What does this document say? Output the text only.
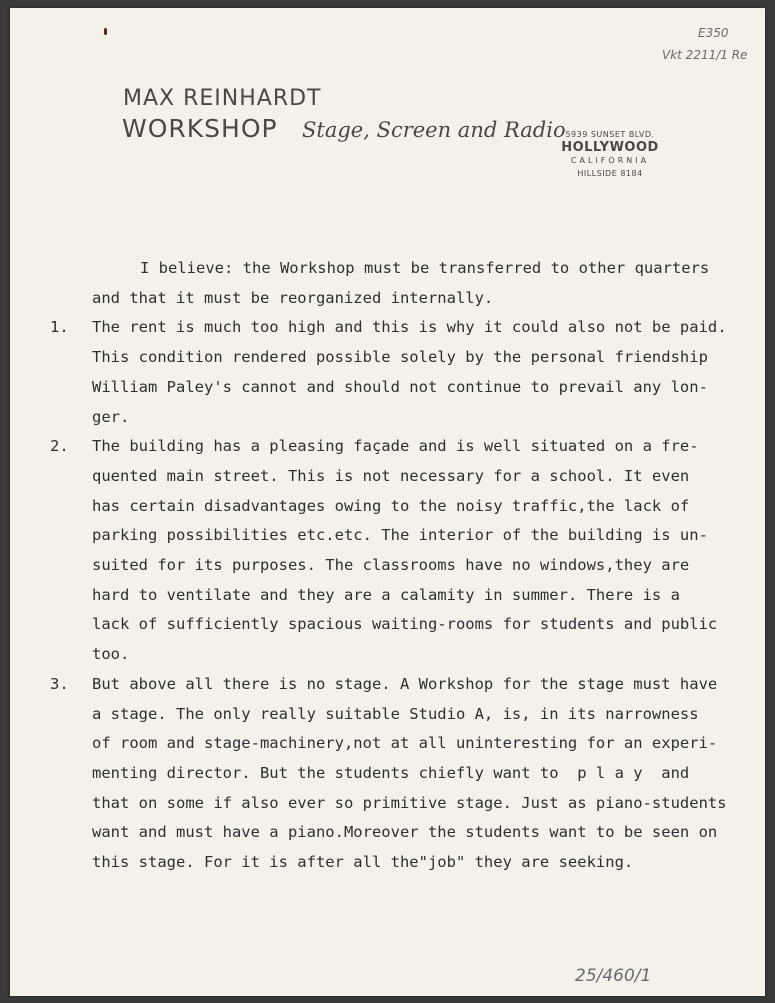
E350
Vkt 2211/1 Re
MAX REINHARDT
WORKSHOP Stage, Screen and Radio 5939 SUNSET BLVD.
HOLLYWOOD
CALIFORNIA
HILLSIDE 8184
I believe: the Workshop must be transferred to other quarters
and that it must be reorganized internally.
1. The rent is much too high and this is why it could also not be paid.
This condition rendered possible solely by the personal friendship
William Paley's cannot and should not continue to prevail any lon-
ger.
2. The building has a pleasing façade and is well situated on a fre-
quented main street. This is not necessary for a school. It even
has certain disadvantages owing to the noisy traffic,the lack of
parking possibilities etc.etc. The interior of the building is un-
suited for its purposes. The classrooms have no windows,they are
hard to ventilate and they are a calamity in summer. There is a
lack of sufficiently spacious waiting-rooms for students and public
too.
3. But above all there is no stage. A Workshop for the stage must have
a stage. The only really suitable Studio A, is, in its narrowness
of room and stage-machinery,not at all uninteresting for an experi-
menting director. But the students chiefly want to  p l a y  and
that on some if also ever so primitive stage. Just as piano-students
want and must have a piano.Moreover the students want to be seen on
this stage. For it is after all the"job" they are seeking.
25/460/1
